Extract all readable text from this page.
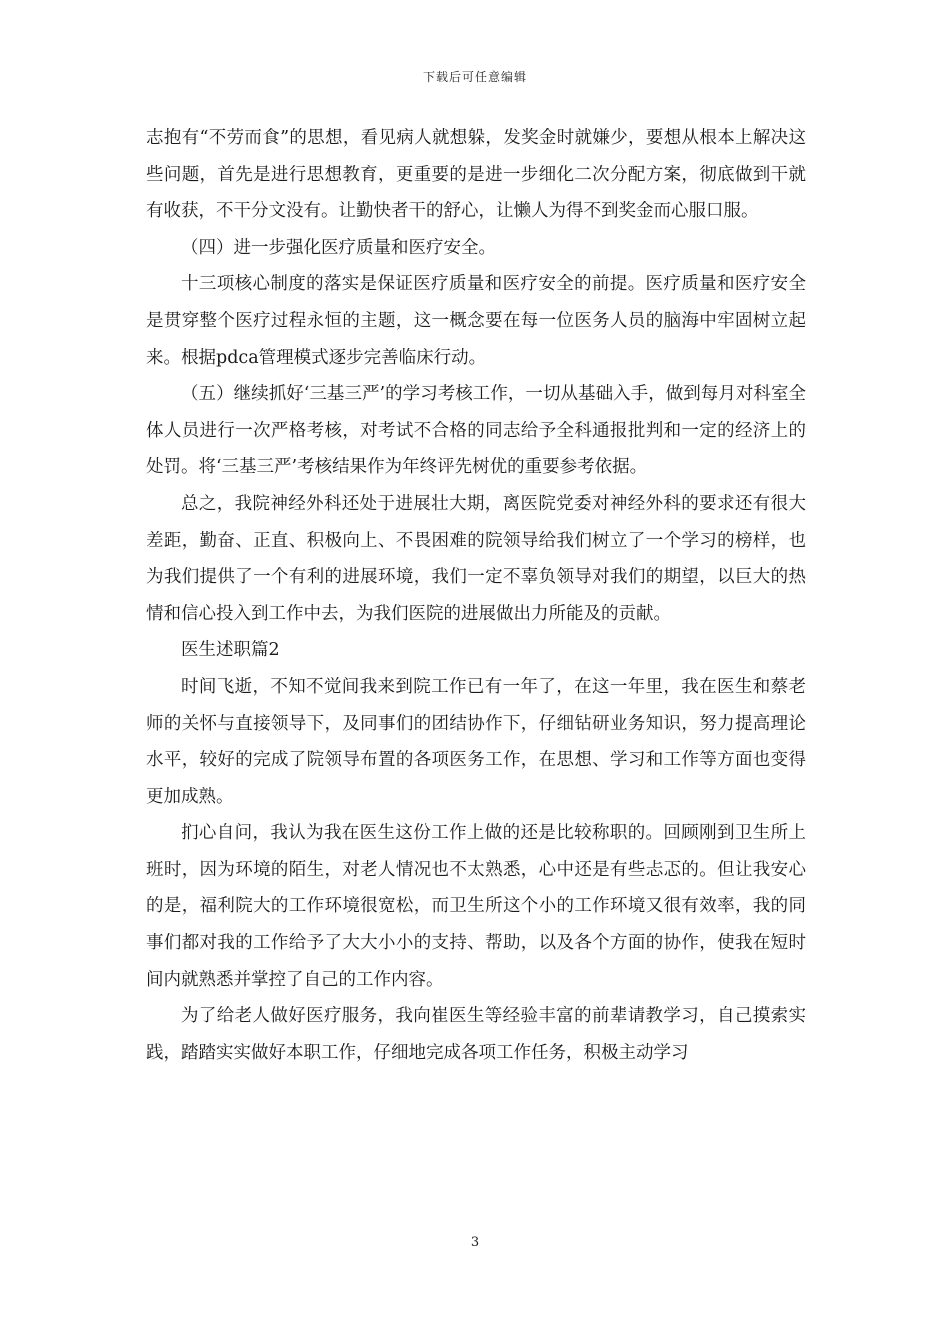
下载后可任意编辑

志抱有“不劳而食”的思想，看见病人就想躲，发奖金时就嫌少，要想从根本上解决这些问题，首先是进行思想教育，更重要的是进一步细化二次分配方案，彻底做到干就有收获，不干分文没有。让勤快者干的舒心，让懒人为得不到奖金而心服口服。

（四）进一步强化医疗质量和医疗安全。

十三项核心制度的落实是保证医疗质量和医疗安全的前提。医疗质量和医疗安全是贯穿整个医疗过程永恒的主题，这一概念要在每一位医务人员的脑海中牢固树立起来。根据pdca管理模式逐步完善临床行动。

（五）继续抓好‘三基三严’的学习考核工作，一切从基础入手，做到每月对科室全体人员进行一次严格考核，对考试不合格的同志给予全科通报批判和一定的经济上的处罚。将‘三基三严’考核结果作为年终评先树优的重要参考依据。

总之，我院神经外科还处于进展壮大期，离医院党委对神经外科的要求还有很大差距，勤奋、正直、积极向上、不畏困难的院领导给我们树立了一个学习的榜样，也为我们提供了一个有利的进展环境，我们一定不辜负领导对我们的期望，以巨大的热情和信心投入到工作中去，为我们医院的进展做出力所能及的贡献。

医生述职篇2

时间飞逝，不知不觉间我来到院工作已有一年了，在这一年里，我在医生和蔡老师的关怀与直接领导下，及同事们的团结协作下，仔细钻研业务知识，努力提高理论水平，较好的完成了院领导布置的各项医务工作，在思想、学习和工作等方面也变得更加成熟。

扪心自问，我认为我在医生这份工作上做的还是比较称职的。回顾刚到卫生所上班时，因为环境的陌生，对老人情况也不太熟悉，心中还是有些忐忑的。但让我安心的是，福利院大的工作环境很宽松，而卫生所这个小的工作环境又很有效率，我的同事们都对我的工作给予了大大小小的支持、帮助，以及各个方面的协作，使我在短时间内就熟悉并掌控了自己的工作内容。

为了给老人做好医疗服务，我向崔医生等经验丰富的前辈请教学习，自己摸索实践，踏踏实实做好本职工作，仔细地完成各项工作任务，积极主动学习

3
